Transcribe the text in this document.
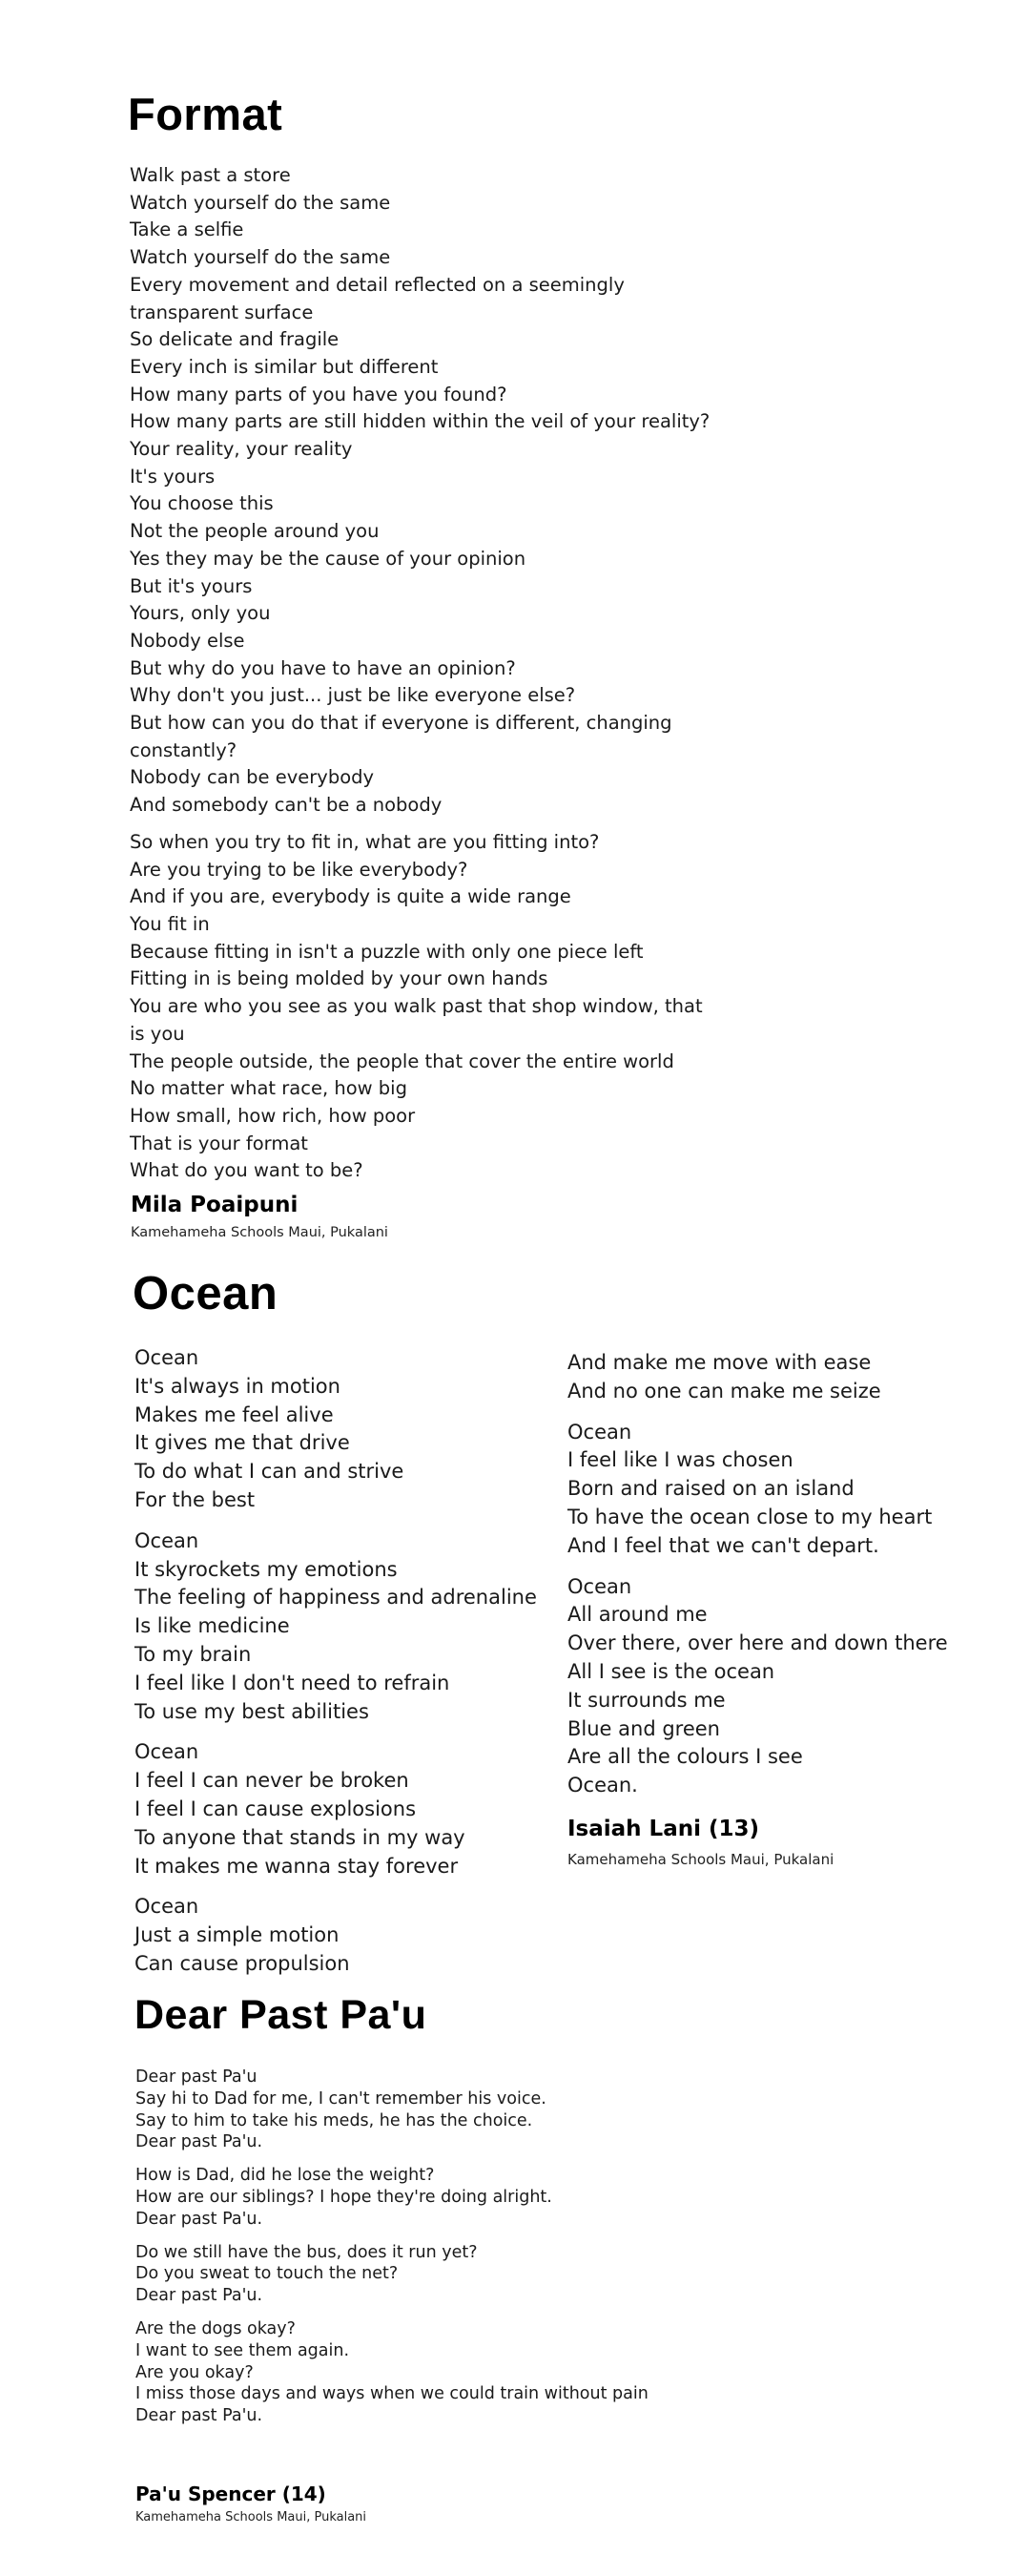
Format

Walk past a store
Watch yourself do the same
Take a selfie
Watch yourself do the same
Every movement and detail reflected on a seemingly
transparent surface
So delicate and fragile
Every inch is similar but different
How many parts of you have you found?
How many parts are still hidden within the veil of your reality?
Your reality, your reality
It's yours
You choose this
Not the people around you
Yes they may be the cause of your opinion
But it's yours
Yours, only you
Nobody else
But why do you have to have an opinion?
Why don't you just... just be like everyone else?
But how can you do that if everyone is different, changing
constantly?
Nobody can be everybody
And somebody can't be a nobody

So when you try to fit in, what are you fitting into?
Are you trying to be like everybody?
And if you are, everybody is quite a wide range
You fit in
Because fitting in isn't a puzzle with only one piece left
Fitting in is being molded by your own hands
You are who you see as you walk past that shop window, that
is you
The people outside, the people that cover the entire world
No matter what race, how big
How small, how rich, how poor
That is your format
What do you want to be?

Mila Poaipuni
Kamehameha Schools Maui, Pukalani
Ocean

Ocean
It's always in motion
Makes me feel alive
It gives me that drive
To do what I can and strive
For the best

Ocean
It skyrockets my emotions
The feeling of happiness and adrenaline
Is like medicine
To my brain
I feel like I don't need to refrain
To use my best abilities

Ocean
I feel I can never be broken
I feel I can cause explosions
To anyone that stands in my way
It makes me wanna stay forever

Ocean
Just a simple motion
Can cause propulsion

And make me move with ease
And no one can make me seize

Ocean
I feel like I was chosen
Born and raised on an island
To have the ocean close to my heart
And I feel that we can't depart.

Ocean
All around me
Over there, over here and down there
All I see is the ocean
It surrounds me
Blue and green
Are all the colours I see
Ocean.

Isaiah Lani (13)
Kamehameha Schools Maui, Pukalani
Dear Past Pa'u

Dear past Pa'u
Say hi to Dad for me, I can't remember his voice.
Say to him to take his meds, he has the choice.
Dear past Pa'u.

How is Dad, did he lose the weight?
How are our siblings? I hope they're doing alright.
Dear past Pa'u.

Do we still have the bus, does it run yet?
Do you sweat to touch the net?
Dear past Pa'u.

Are the dogs okay?
I want to see them again.
Are you okay?
I miss those days and ways when we could train without pain
Dear past Pa'u.

Pa'u Spencer (14)
Kamehameha Schools Maui, Pukalani
